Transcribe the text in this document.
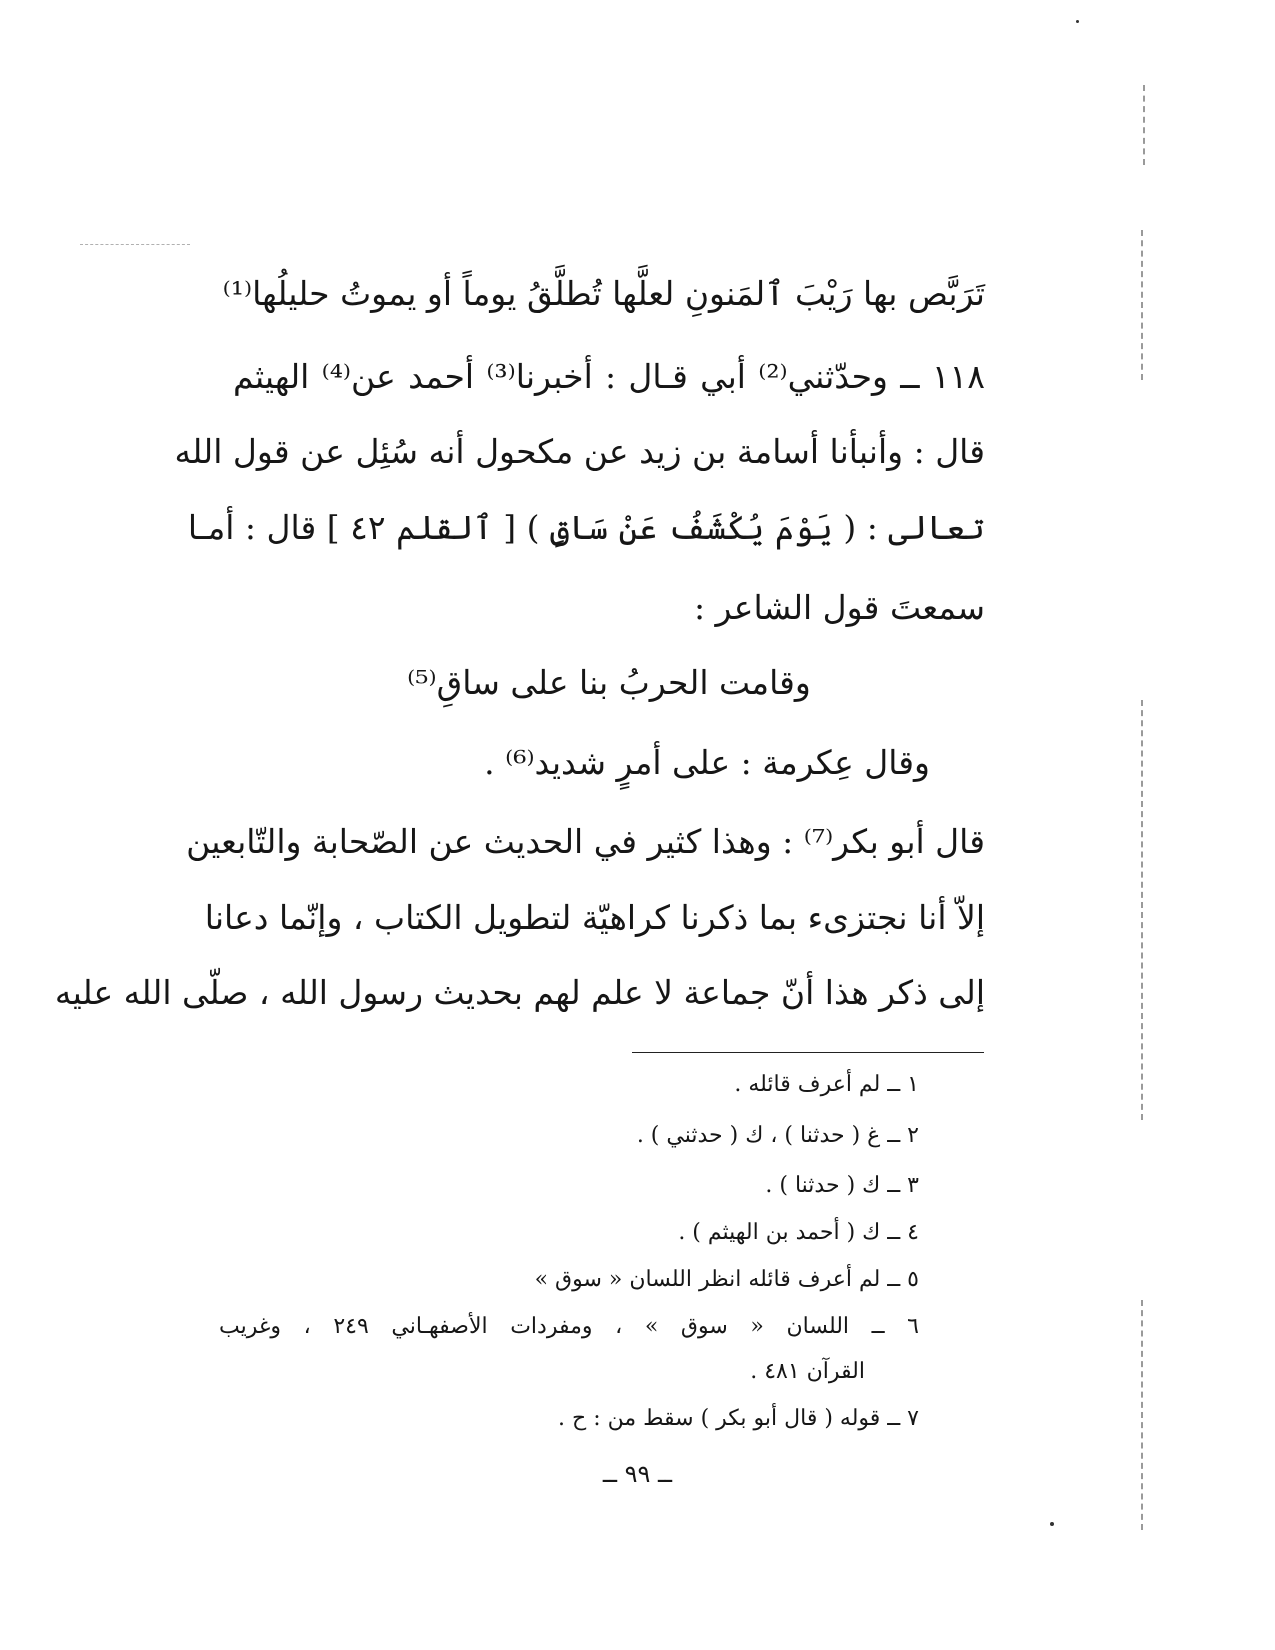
تَرَبَّص بها رَيْبَ ٱلمَنونِ لعلَّها تُطلَّقُ يوماً أو يموتُ حليلُها⁽¹⁾
١١٨ ــ وحدّثني⁽²⁾ أبي قـال : أخبرنا⁽³⁾ أحمد عن⁽⁴⁾ الهيثم
قال : وأنبأنا أسامة بن زيد عن مكحول أنه سُئِل عن قول الله
تعالى : ( يَوْمَ يُكْشَفُ عَنْ سَاقٍ ) [ ٱلقلم ٤٢ ] قال : أمـا
سمعتَ قول الشاعر :
وقامت الحربُ بنا على ساقِ⁽⁵⁾
وقال عِكرمة : على أمرٍ شديد⁽⁶⁾ .
قال أبو بكر⁽⁷⁾ : وهذا كثير في الحديث عن الصّحابة والتّابعين
إلاّ أنا نجتزىء بما ذكرنا كراهيّة لتطويل الكتاب ، وإنّما دعانا
إلى ذكر هذا أنّ جماعة لا علم لهم بحديث رسول الله ، صلّى الله عليه
١ ــ لم أعرف قائله .
٢ ــ غ ( حدثنا ) ، ك ( حدثني ) .
٣ ــ ك ( حدثنا ) .
٤ ــ ك ( أحمد بن الهيثم ) .
٥ ــ لم أعرف قائله انظر اللسان « سوق »
٦ ــ اللسان « سوق » ، ومفردات الأصفهـاني ٢٤٩ ، وغريب
القرآن ٤٨١ .
٧ ــ قوله ( قال أبو بكر ) سقط من : ح .
ــ ٩٩ ــ
